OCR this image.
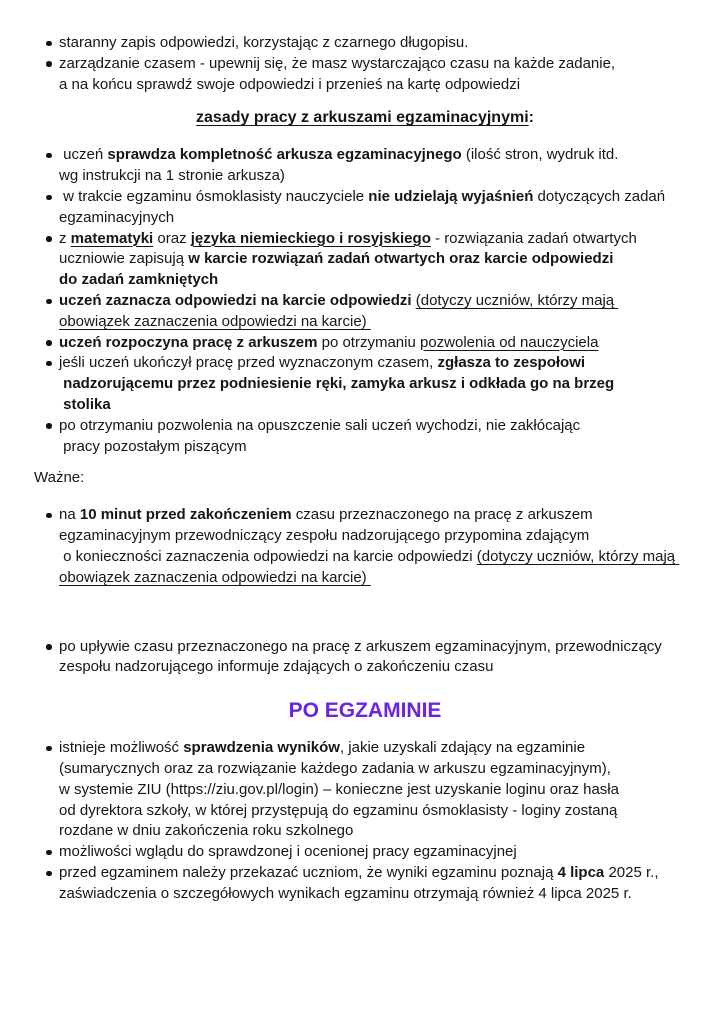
staranny zapis odpowiedzi, korzystając z czarnego długopisu.
zarządzanie czasem - upewnij się, że masz wystarczająco czasu na każde zadanie,
a na końcu sprawdź swoje odpowiedzi i przenieś na kartę odpowiedzi
zasady pracy z arkuszami egzaminacyjnymi:
uczeń sprawdza kompletność arkusza egzaminacyjnego (ilość stron, wydruk itd.
wg instrukcji na 1 stronie arkusza)
w trakcie egzaminu ósmoklasisty nauczyciele nie udzielają wyjaśnień dotyczących zadań
egzaminacyjnych
z matematyki oraz języka niemieckiego i rosyjskiego - rozwiązania zadań otwartych
uczniowie zapisują w karcie rozwiązań zadań otwartych oraz karcie odpowiedzi
do zadań zamkniętych
uczeń zaznacza odpowiedzi na karcie odpowiedzi (dotyczy uczniów, którzy mają
obowiązek zaznaczenia odpowiedzi na karcie)
uczeń rozpoczyna pracę z arkuszem po otrzymaniu pozwolenia od nauczyciela
jeśli uczeń ukończył pracę przed wyznaczonym czasem, zgłasza to zespołowi
nadzorującemu przez podniesienie ręki, zamyka arkusz i odkłada go na brzeg
stolika
po otrzymaniu pozwolenia na opuszczenie sali uczeń wychodzi, nie zakłócając
pracy pozostałym piszącym
Ważne:
na 10 minut przed zakończeniem czasu przeznaczonego na pracę z arkuszem
egzaminacyjnym przewodniczący zespołu nadzorującego przypomina zdającym
o konieczności zaznaczenia odpowiedzi na karcie odpowiedzi (dotyczy uczniów, którzy mają
obowiązek zaznaczenia odpowiedzi na karcie)
po upływie czasu przeznaczonego na pracę z arkuszem egzaminacyjnym, przewodniczący
zespołu nadzorującego informuje zdających o zakończeniu czasu
PO EGZAMINIE
istnieje możliwość sprawdzenia wyników, jakie uzyskali zdający na egzaminie
(sumarycznych oraz za rozwiązanie każdego zadania w arkuszu egzaminacyjnym),
w systemie ZIU (https://ziu.gov.pl/login) – konieczne jest uzyskanie loginu oraz hasła
od dyrektora szkoły, w której przystępują do egzaminu ósmoklasisty - loginy zostaną
rozdane w dniu zakończenia roku szkolnego
możliwości wglądu do sprawdzonej i ocenionej pracy egzaminacyjnej
przed egzaminem należy przekazać uczniom, że wyniki egzaminu poznają 4 lipca 2025 r.,
zaświadczenia o szczegółowych wynikach egzaminu otrzymają również 4 lipca 2025 r.
